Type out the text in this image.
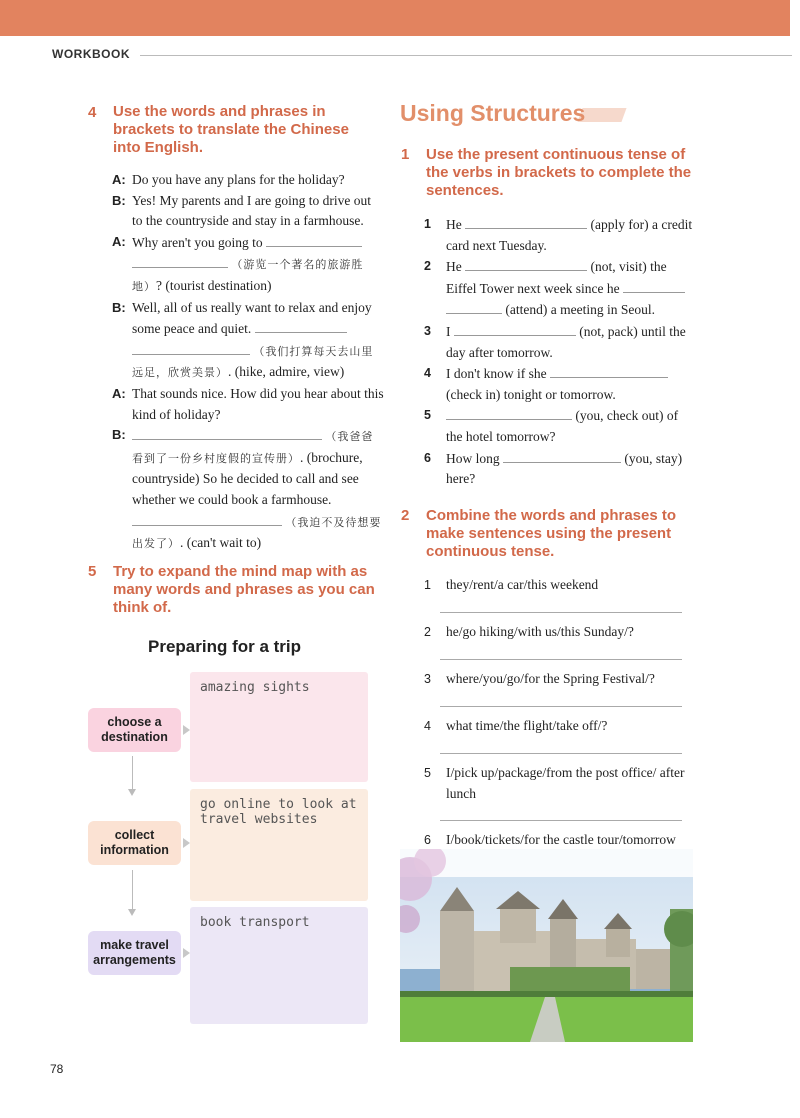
WORKBOOK
4 Use the words and phrases in brackets to translate the Chinese into English.
A: Do you have any plans for the holiday?
B: Yes! My parents and I are going to drive out to the countryside and stay in a farmhouse.
A: Why aren't you going to   （游览一个著名的旅游胜地）? (tourist destination)
B: Well, all of us really want to relax and enjoy some peace and quiet.   （我们打算每天去山里远足，欣赏美景）. (hike, admire, view)
A: That sounds nice. How did you hear about this kind of holiday?
B:	（我爸爸看到了一份乡村度假的宣传册）. (brochure, countryside) So he decided to call and see whether we could book a farmhouse.  （我迫不及待想要出发了）. (can't wait to)
5 Try to expand the mind map with as many words and phrases as you can think of.
Preparing for a trip
amazing sights
go online to look at travel websites
book transport
choose a destination
collect information
make travel arrangements
Using Structures
1 Use the present continuous tense of the verbs in brackets to complete the sentences.
1	He	(apply for) a credit card next Tuesday.
2	He	(not, visit) the Eiffel Tower next week since he   (attend) a meeting in Seoul.
3	I	(not, pack) until the day after tomorrow.
4	I don't know if she  (check in) tonight or tomorrow.
5	(you, check out) of the hotel tomorrow?
6	How long	(you, stay) here?
2 Combine the words and phrases to make sentences using the present continuous tense.
1	they/rent/a car/this weekend
2	he/go hiking/with us/this Sunday/?
3	where/you/go/for the Spring Festival/?
4	what time/the flight/take off/?
5	I/pick up/package/from the post office/ after lunch
6	I/book/tickets/for the castle tour/tomorrow
78
